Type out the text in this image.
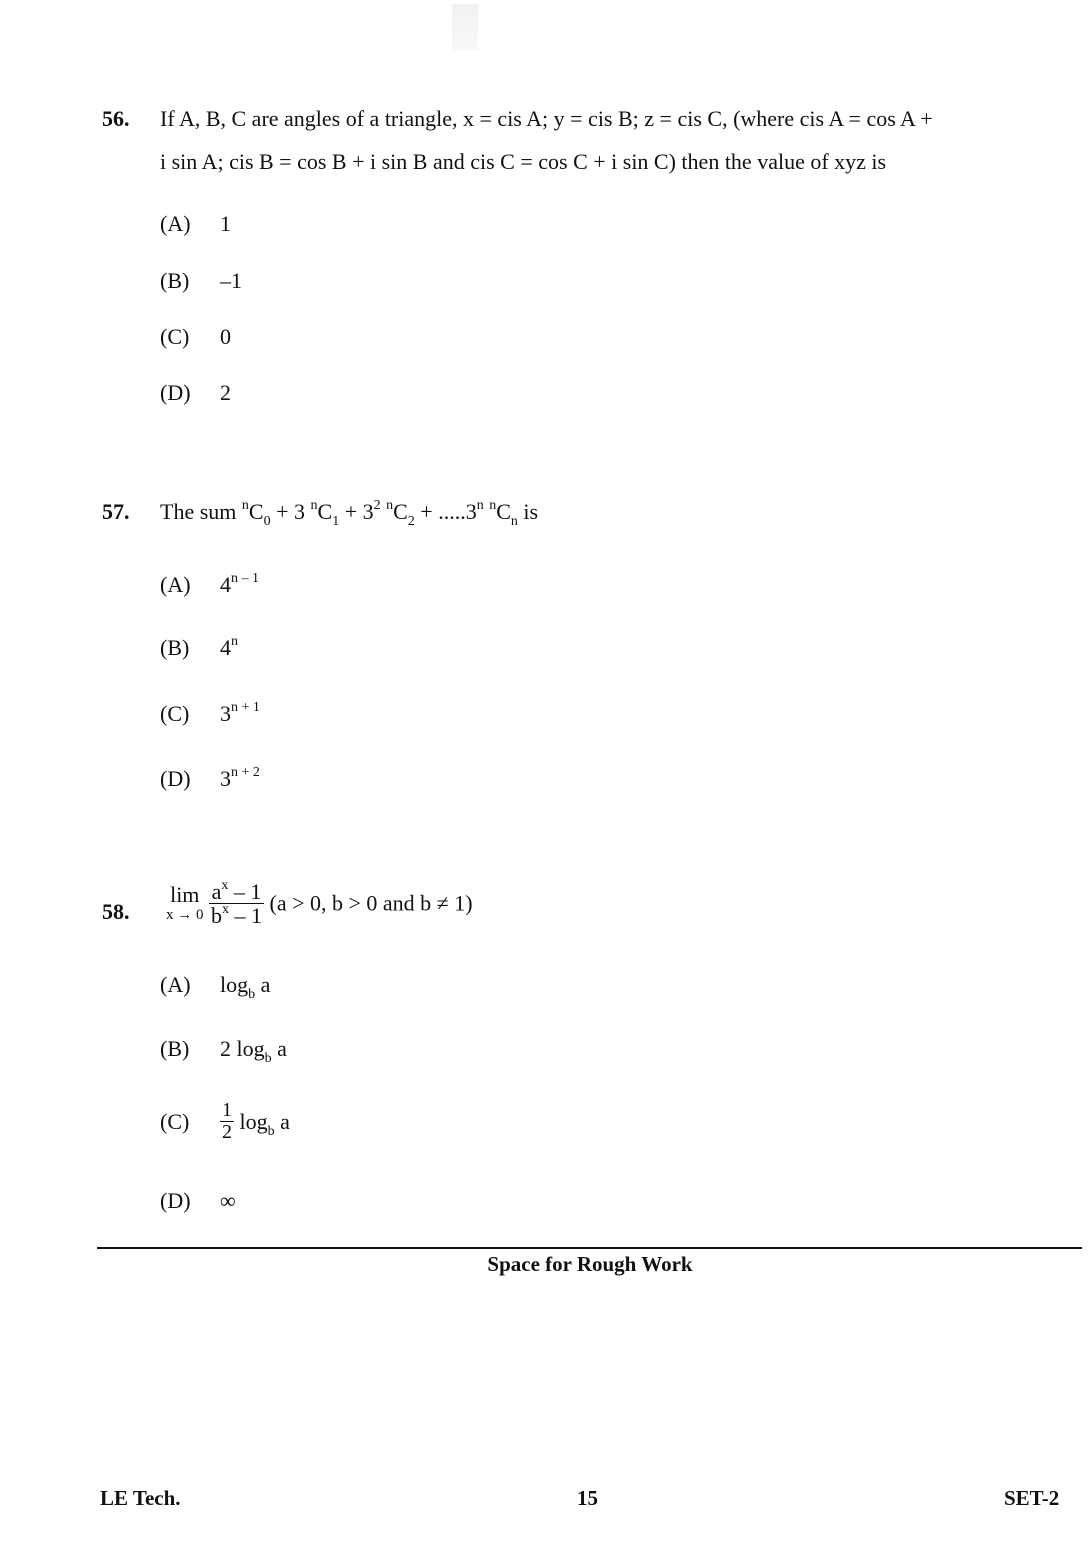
56. If A, B, C are angles of a triangle, x = cis A; y = cis B; z = cis C, (where cis A = cos A +
i sin A; cis B = cos B + i sin B and cis C = cos C + i sin C) then the value of xyz is
(A) 1
(B) –1
(C) 0
(D) 2
57. The sum $^nC_0 + 3$ $^nC_1 + 3^2$ $^nC_2 + .....3^n$ $^nC_n$ is
(A) 4$^{n - 1}$
(B) 4$^n$
(C) $3^{n + 1}$
(D) $3^{n + 2}$
58.
lim
x → 0
$\frac{a^x - 1}{b^x - 1} (a > 0$, b > 0 and b ≠ 1)
(A) $\log_b a$
(B) 2 $\log_b a$
$(C) \frac{1}{2} \log_b a$
(D) ∞
Space for Rough Work
LE Tech.	15	SET-2
